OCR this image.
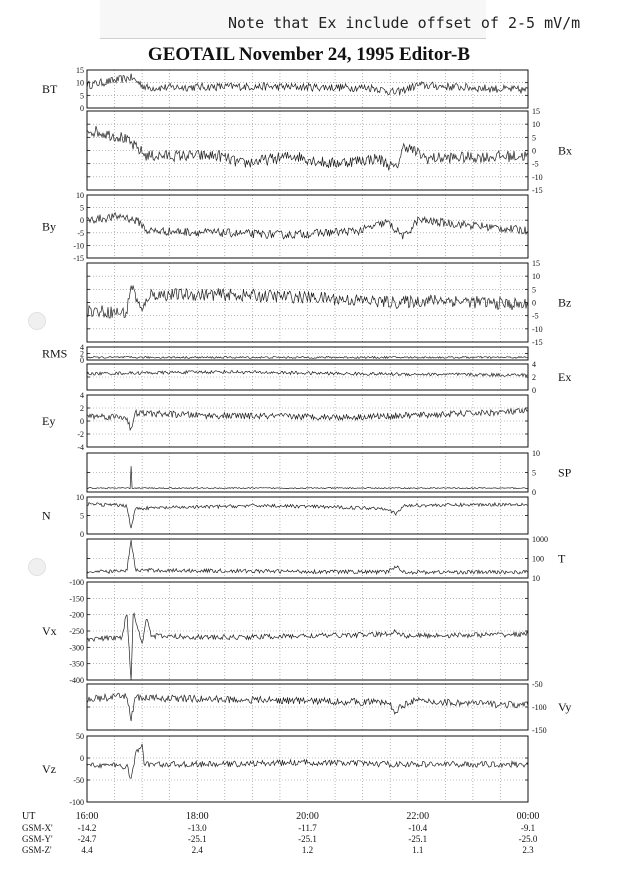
Note that Ex include offset of 2-5 mV/m
GEOTAIL November 24, 1995 Editor-B
15
10
5
0
BT
15
10
5
0
-5
-10
-15
Bx
10
5
0
-5
-10
-15
By
15
10
5
0
-5
-10
-15
Bz
4
2
0
RMS
4
2
0
Ex
4
2
0
-2
-4
Ey
10
5
0
SP
10
5
0
N
1000
100
10
T
-100
-150
-200
-250
-300
-350
-400
Vx
-50
-100
-150
Vy
50
0
-50
-100
Vz
UT	16:00	18:00	20:00	22:00	00:00
GSM-X'	-14.2	-13.0	-11.7	-10.4	-9.1
GSM-Y'	-24.7	-25.1	-25.1	-25.1	-25.0
GSM-Z'	4.4	2.4	1.2	1.1	2.3
